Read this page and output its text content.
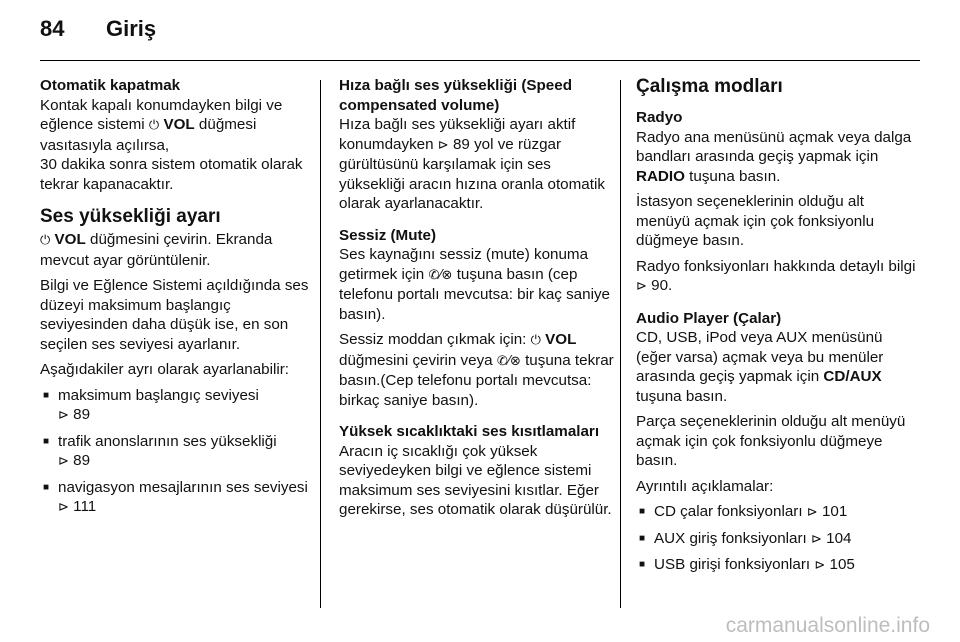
84 Giriş

Otomatik kapatmak

Kontak kapalı konumdayken bilgi ve eğlence sistemi ⏻ VOL düğmesi vasıtasıyla açılırsa,
30 dakika sonra sistem otomatik olarak tekrar kapanacaktır.

Ses yüksekliği ayarı

⏻ VOL düğmesini çevirin. Ekranda mevcut ayar görüntülenir.

Bilgi ve Eğlence Sistemi açıldığında ses düzeyi maksimum başlangıç seviyesinden daha düşük ise, en son seçilen ses seviyesi ayarlanır.

Aşağıdakiler ayrı olarak ayarlanabilir:

■ maksimum başlangıç seviyesi
⊳ 89
■ trafik anonslarının ses yüksekliği
⊳ 89
■ navigasyon mesajlarının ses seviyesi ⊳ 111

Hıza bağlı ses yüksekliği (Speed compensated volume)

Hıza bağlı ses yüksekliği ayarı aktif konumdayken ⊳ 89 yol ve rüzgar gürültüsünü karşılamak için ses yüksekliği aracın hızına oranla otomatik olarak ayarlanacaktır.

Sessiz (Mute)

Ses kaynağını sessiz (mute) konuma getirmek için ✆⁄⊗ tuşuna basın (cep telefonu portalı mevcutsa: bir kaç saniye basın).

Sessiz moddan çıkmak için: ⏻ VOL düğmesini çevirin veya ✆⁄⊗ tuşuna tekrar basın.(Cep telefonu portalı mevcutsa: birkaç saniye basın).

Yüksek sıcaklıktaki ses kısıtlamaları

Aracın iç sıcaklığı çok yüksek seviyedeyken bilgi ve eğlence sistemi maksimum ses seviyesini kısıtlar. Eğer gerekirse, ses otomatik olarak düşürülür.

Çalışma modları

Radyo

Radyo ana menüsünü açmak veya dalga bandları arasında geçiş yapmak için RADIO tuşuna basın.

İstasyon seçeneklerinin olduğu alt menüyü açmak için çok fonksiyonlu düğmeye basın.

Radyo fonksiyonları hakkında detaylı bilgi ⊳ 90.

Audio Player (Çalar)

CD, USB, iPod veya AUX menüsünü (eğer varsa) açmak veya bu menüler arasında geçiş yapmak için CD/AUX tuşuna basın.

Parça seçeneklerinin olduğu alt menüyü açmak için çok fonksiyonlu düğmeye basın.

Ayrıntılı açıklamalar:

■ CD çalar fonksiyonları ⊳ 101
■ AUX giriş fonksiyonları ⊳ 104
■ USB girişi fonksiyonları ⊳ 105
carmanualsonline.info
